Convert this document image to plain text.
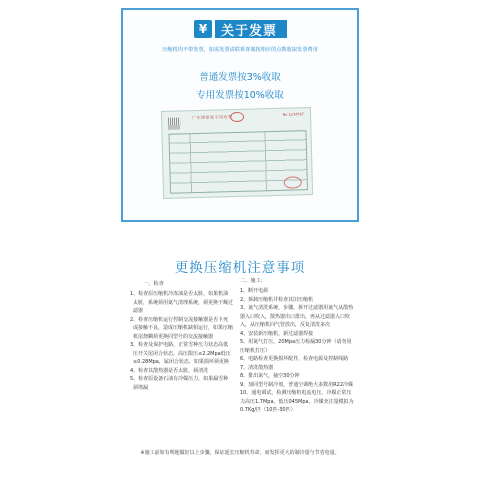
¥	关于发票
压缩机均不带发票，如需发票请联系客服按相应的点数收取发票费用
普通发票按3%收取
专用发票按10%收取
广东增值税专用发票	No 1234567
更换压缩机注意事项
一、检查
1、检查原压缩机冷冻油是否太脏，如果机油太脏，系统须用氮气清理系统，须更换干燥过滤器
2、检查压缩机运行控制交流接触器是否卡死或接触不良，造成压缩机缺相运行，如果压缩机尾烧糊须更换同型号的交流接触器
3、检查及保护电路，正常雪种压力状态高低压开关尾闭合状态，高压限压≤2.2Mpa低压≥0.28Mpa，属闭合状态，如果损坏须更换
4、检查其散热器是否太脏，须清洗
5、检查原设备石油有冷媒压力，如果漏雪种须堵漏
二、施工:
1、断开电源
2、拆卸压缩机并检查其旧压缩机
3、氮气清洗系统，步骤，拆开过滤器用氮气从散热器入口吹入，散热器出口排出，再从过滤器入口吹入，从压缩机回气管放出，反复清洗多次
4、安装新压缩机，新过滤器焊接
5、用氮气打压，20Mpa压力检漏30分钟（请勿用压缩机打压）
6、电路检查更换损坏配件，检查电源及控制线路
7、清洗散热器
8、排出氮气，抽空30分钟
9、加同型号制冷剂，普通空调绝大多数用R22冷媒
10、通电调试，检测压缩机电流电压，冷媒正常压力高压1.7Mpa，低压045Mpa，冷媒充注量模拟为0.7Kg/匹（10匹-30匹）
※施工前如有明地做好以上步骤，保证延长压缩机寿命，而发挥更大的制冷量与节省电量。
